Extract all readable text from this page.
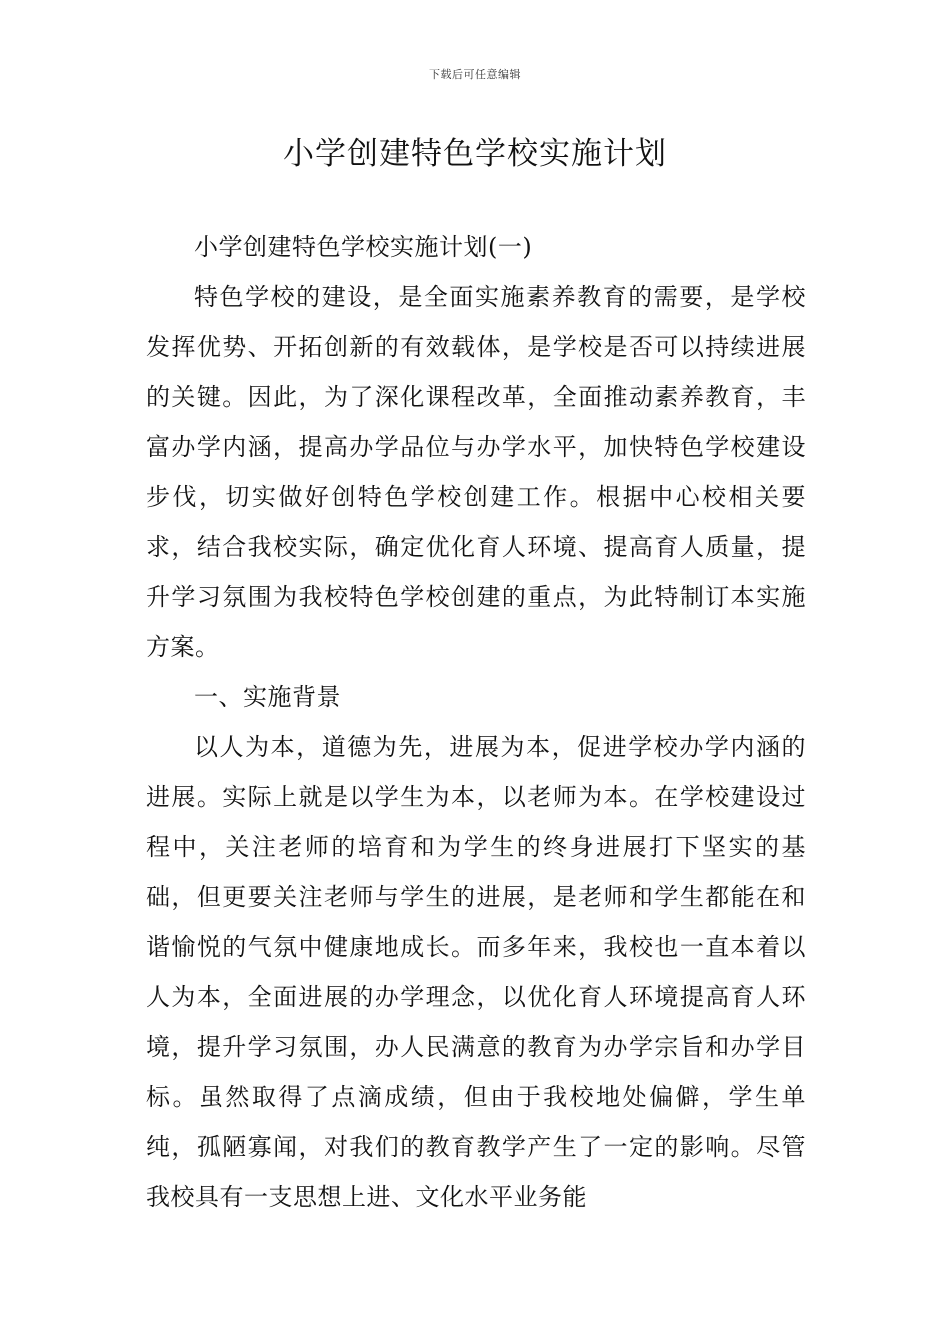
下载后可任意编辑
小学创建特色学校实施计划

小学创建特色学校实施计划(一)

特色学校的建设，是全面实施素养教育的需要，是学校发挥优势、开拓创新的有效载体，是学校是否可以持续进展的关键。因此，为了深化课程改革，全面推动素养教育，丰富办学内涵，提高办学品位与办学水平，加快特色学校建设步伐，切实做好创特色学校创建工作。根据中心校相关要求，结合我校实际，确定优化育人环境、提高育人质量，提升学习氛围为我校特色学校创建的重点，为此特制订本实施方案。

一、实施背景

以人为本，道德为先，进展为本，促进学校办学内涵的进展。实际上就是以学生为本，以老师为本。在学校建设过程中，关注老师的培育和为学生的终身进展打下坚实的基础，但更要关注老师与学生的进展，是老师和学生都能在和谐愉悦的气氛中健康地成长。而多年来，我校也一直本着以人为本，全面进展的办学理念，以优化育人环境提高育人环境，提升学习氛围，办人民满意的教育为办学宗旨和办学目标。虽然取得了点滴成绩，但由于我校地处偏僻，学生单纯，孤陋寡闻，对我们的教育教学产生了一定的影响。尽管我校具有一支思想上进、文化水平业务能
